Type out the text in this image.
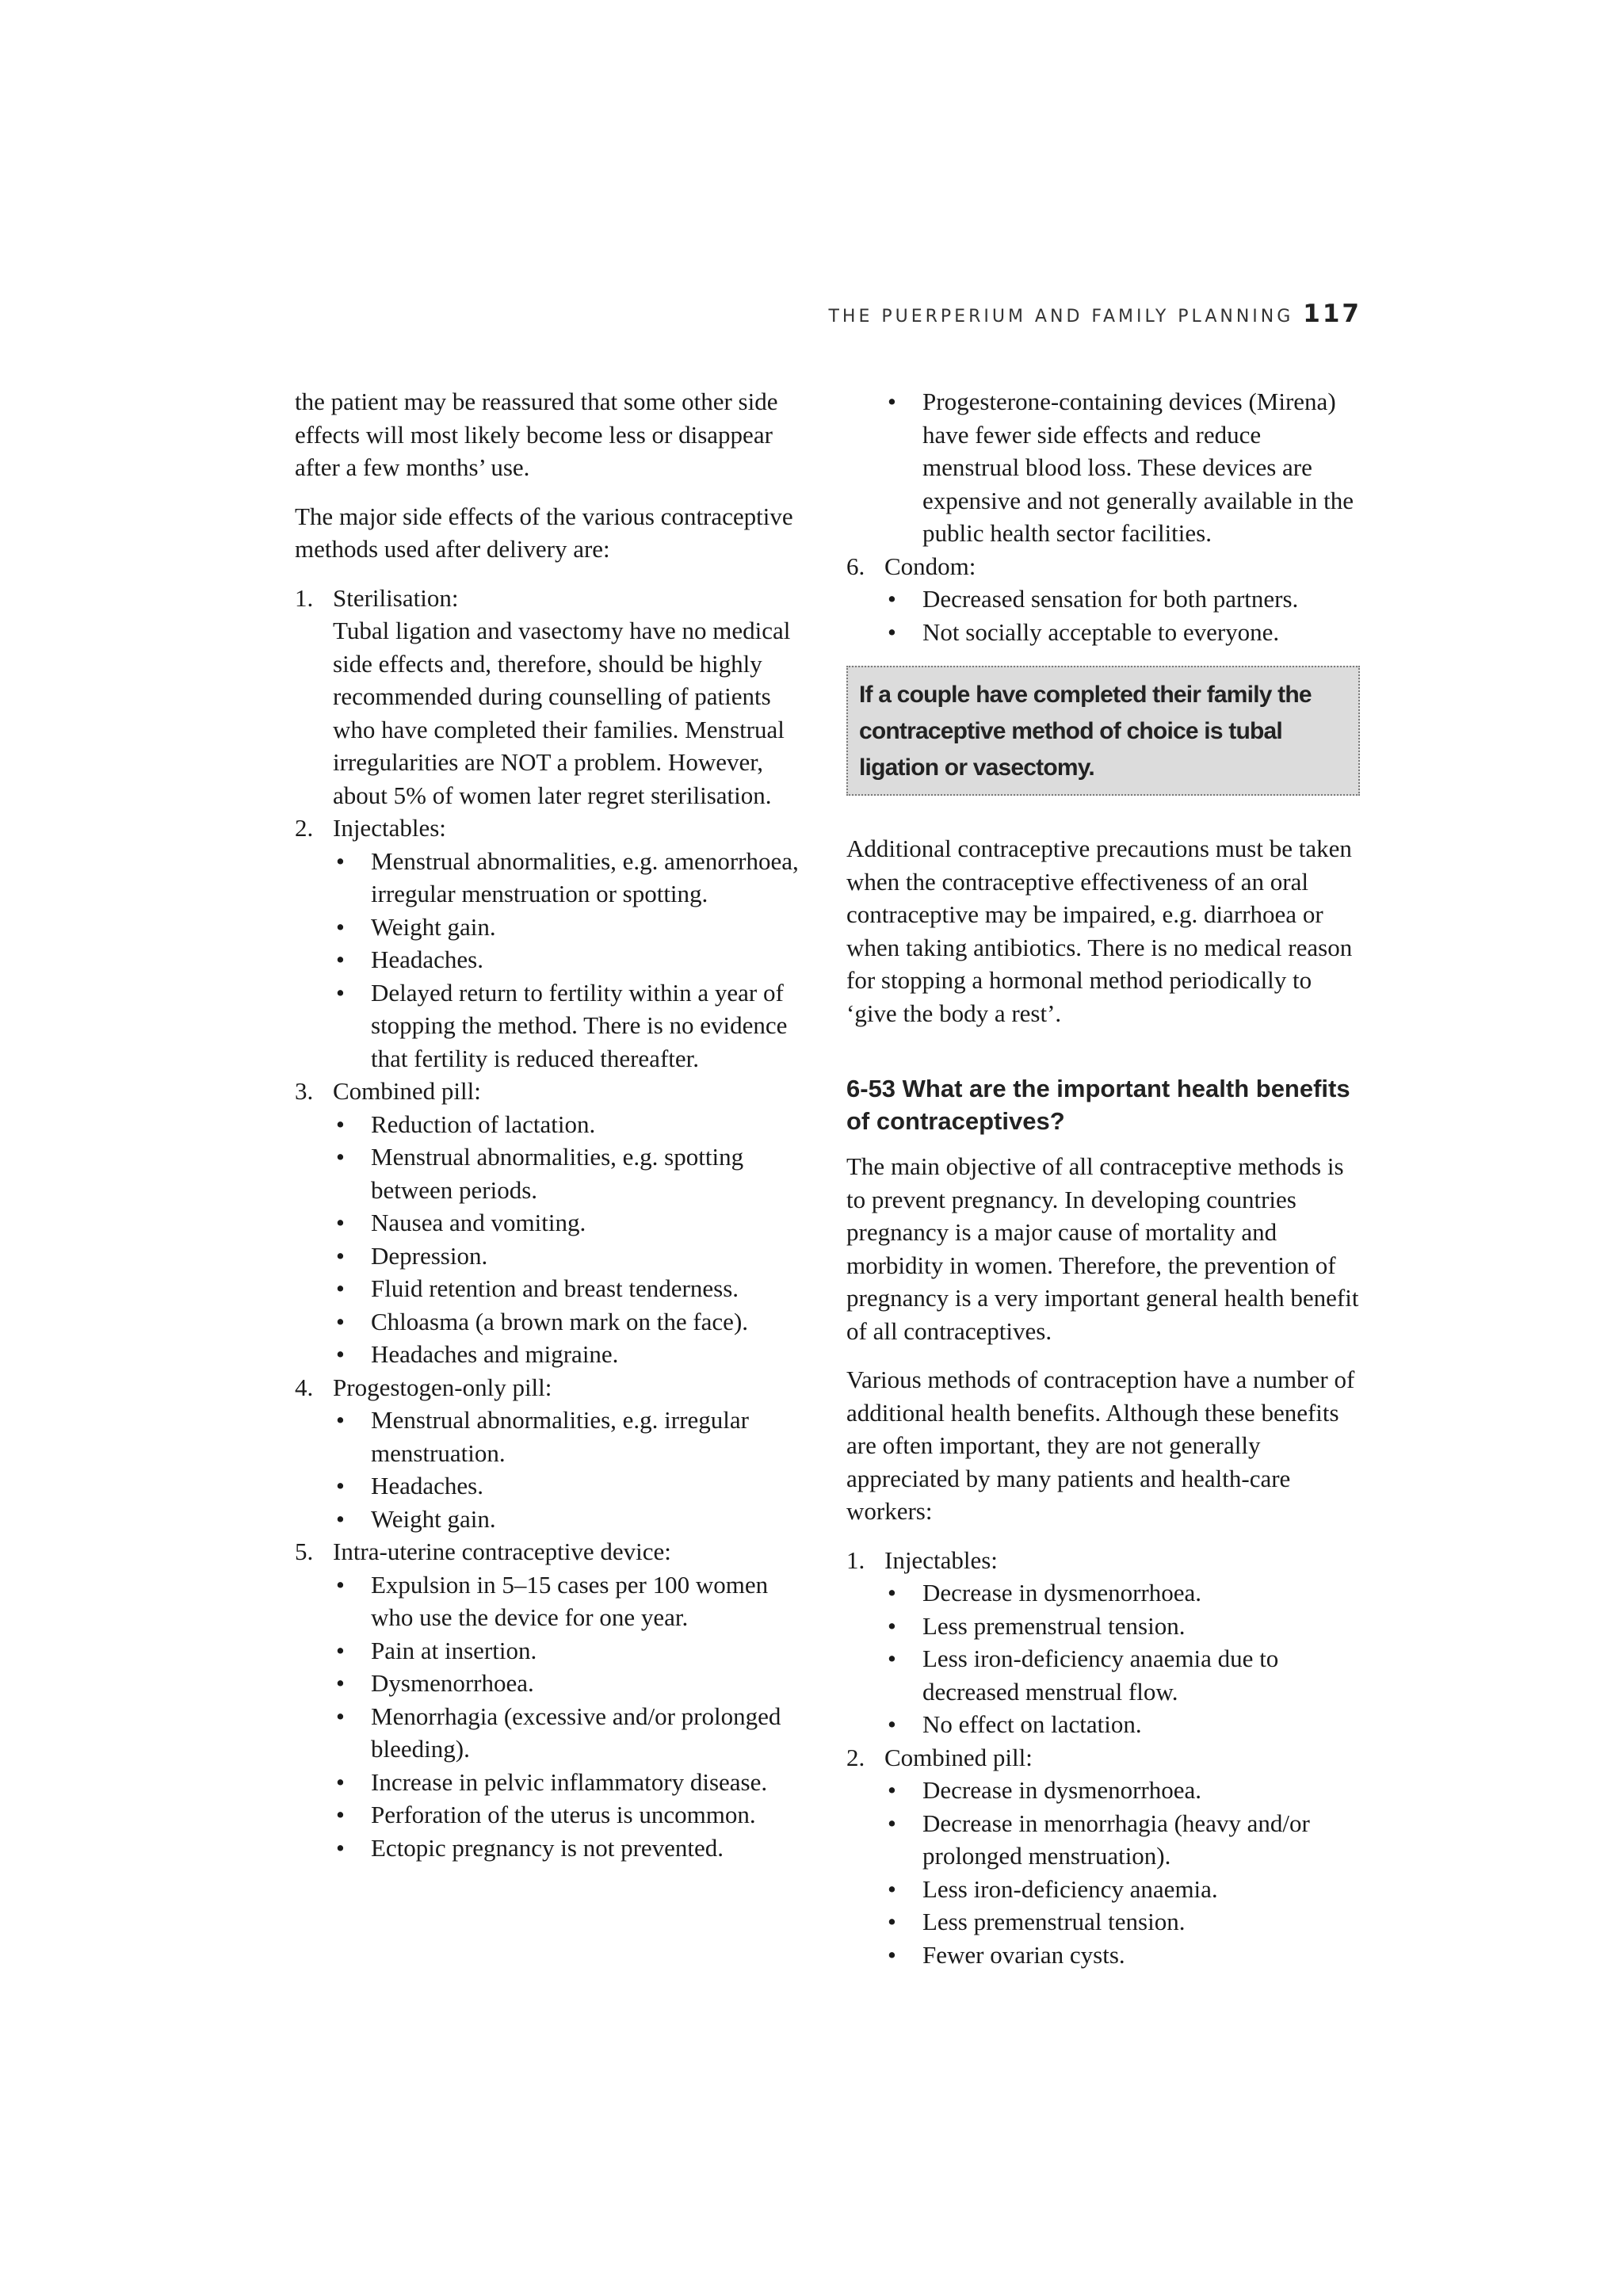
THE PUERPERIUM AND FAMILY PLANNING 117

the patient may be reassured that some other side effects will most likely become less or disappear after a few months’ use.

The major side effects of the various contraceptive methods used after delivery are:

1. Sterilisation:
Tubal ligation and vasectomy have no medical side effects and, therefore, should be highly recommended during counselling of patients who have completed their families. Menstrual irregularities are NOT a problem. However, about 5% of women later regret sterilisation.
2. Injectables:
• Menstrual abnormalities, e.g. amenorrhoea, irregular menstruation or spotting.
• Weight gain.
• Headaches.
• Delayed return to fertility within a year of stopping the method. There is no evidence that fertility is reduced thereafter.
3. Combined pill:
• Reduction of lactation.
• Menstrual abnormalities, e.g. spotting between periods.
• Nausea and vomiting.
• Depression.
• Fluid retention and breast tenderness.
• Chloasma (a brown mark on the face).
• Headaches and migraine.
4. Progestogen-only pill:
• Menstrual abnormalities, e.g. irregular menstruation.
• Headaches.
• Weight gain.
5. Intra-uterine contraceptive device:
• Expulsion in 5–15 cases per 100 women who use the device for one year.
• Pain at insertion.
• Dysmenorrhoea.
• Menorrhagia (excessive and/or prolonged bleeding).
• Increase in pelvic inflammatory disease.
• Perforation of the uterus is uncommon.
• Ectopic pregnancy is not prevented.
• Progesterone-containing devices (Mirena) have fewer side effects and reduce menstrual blood loss. These devices are expensive and not generally available in the public health sector facilities.
6. Condom:
• Decreased sensation for both partners.
• Not socially acceptable to everyone.
If a couple have completed their family the contraceptive method of choice is tubal ligation or vasectomy.

Additional contraceptive precautions must be taken when the contraceptive effectiveness of an oral contraceptive may be impaired, e.g. diarrhoea or when taking antibiotics. There is no medical reason for stopping a hormonal method periodically to ‘give the body a rest’.

6-53 What are the important health benefits of contraceptives?

The main objective of all contraceptive methods is to prevent pregnancy. In developing countries pregnancy is a major cause of mortality and morbidity in women. Therefore, the prevention of pregnancy is a very important general health benefit of all contraceptives.

Various methods of contraception have a number of additional health benefits. Although these benefits are often important, they are not generally appreciated by many patients and health-care workers:

1. Injectables:
• Decrease in dysmenorrhoea.
• Less premenstrual tension.
• Less iron-deficiency anaemia due to decreased menstrual flow.
• No effect on lactation.
2. Combined pill:
• Decrease in dysmenorrhoea.
• Decrease in menorrhagia (heavy and/or prolonged menstruation).
• Less iron-deficiency anaemia.
• Less premenstrual tension.
• Fewer ovarian cysts.
